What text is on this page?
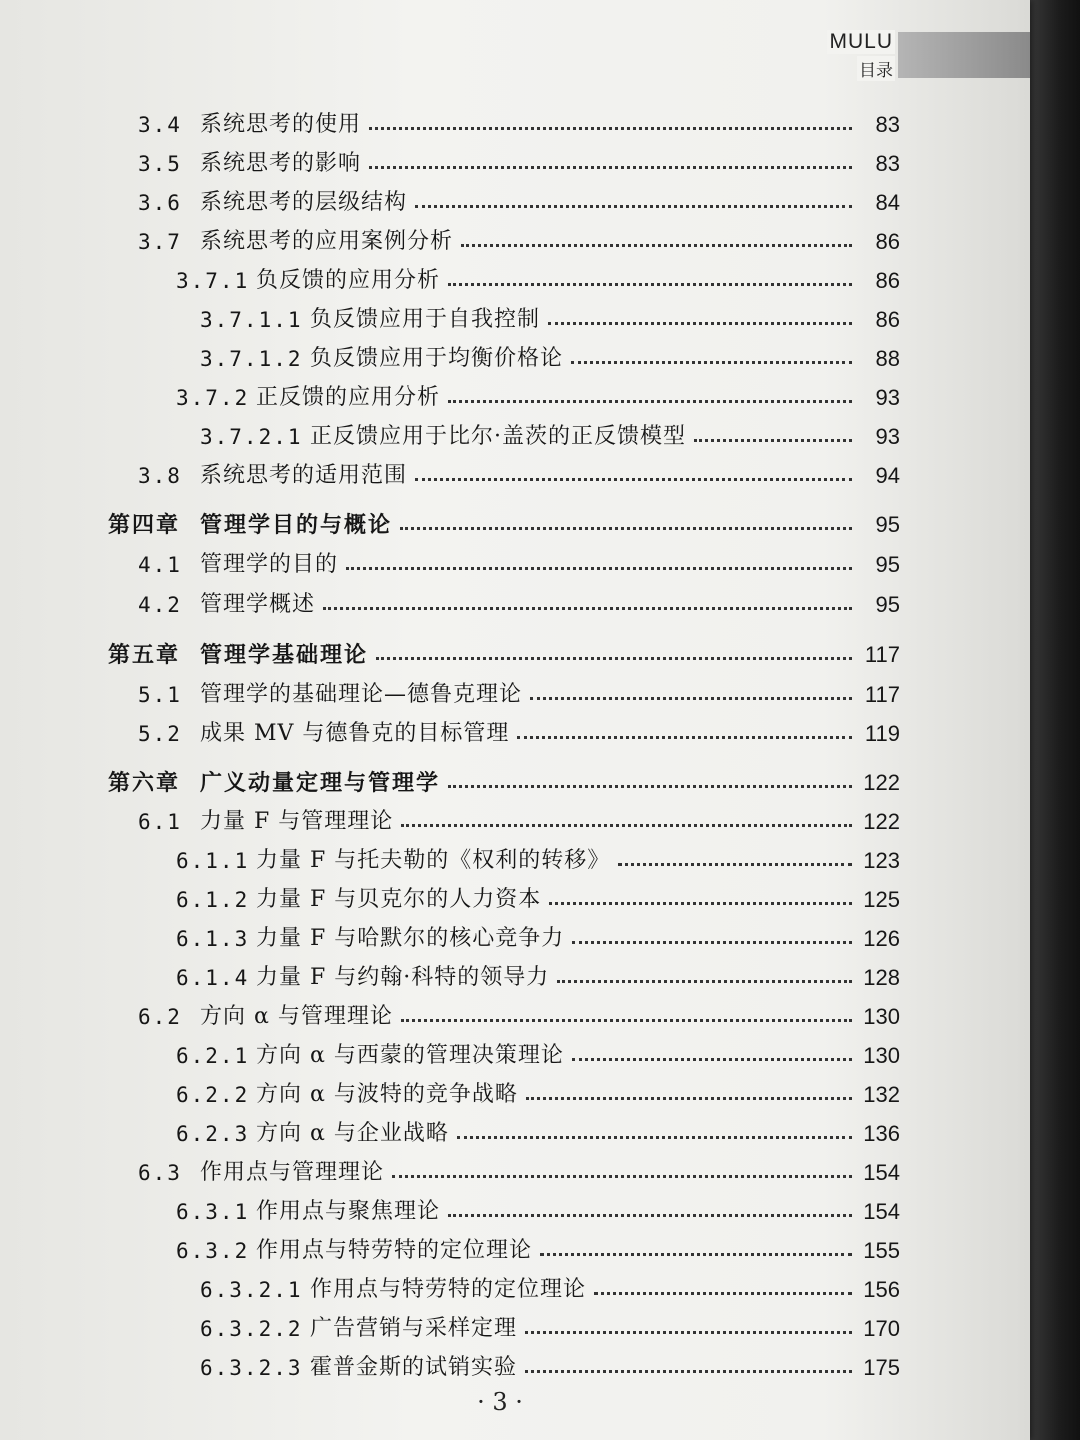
MULU
目录
3.4 系统思考的使用	83
3.5 系统思考的影响	83
3.6 系统思考的层级结构	84
3.7 系统思考的应用案例分析	86
3.7.1 负反馈的应用分析	86
3.7.1.1 负反馈应用于自我控制	86
3.7.1.2 负反馈应用于均衡价格论	88
3.7.2 正反馈的应用分析	93
3.7.2.1 正反馈应用于比尔·盖茨的正反馈模型	93
3.8 系统思考的适用范围	94
第四章 管理学目的与概论	95
4.1 管理学的目的	95
4.2 管理学概述	95
第五章 管理学基础理论	117
5.1 管理学的基础理论—德鲁克理论	117
5.2 成果 MV 与德鲁克的目标管理	119
第六章 广义动量定理与管理学	122
6.1 力量 F 与管理理论	122
6.1.1 力量 F 与托夫勒的《权利的转移》	123
6.1.2 力量 F 与贝克尔的人力资本	125
6.1.3 力量 F 与哈默尔的核心竞争力	126
6.1.4 力量 F 与约翰·科特的领导力	128
6.2 方向 α 与管理理论	130
6.2.1 方向 α 与西蒙的管理决策理论	130
6.2.2 方向 α 与波特的竞争战略	132
6.2.3 方向 α 与企业战略	136
6.3 作用点与管理理论	154
6.3.1 作用点与聚焦理论	154
6.3.2 作用点与特劳特的定位理论	155
6.3.2.1 作用点与特劳特的定位理论	156
6.3.2.2 广告营销与采样定理	170
6.3.2.3 霍普金斯的试销实验	175
· 3 ·
